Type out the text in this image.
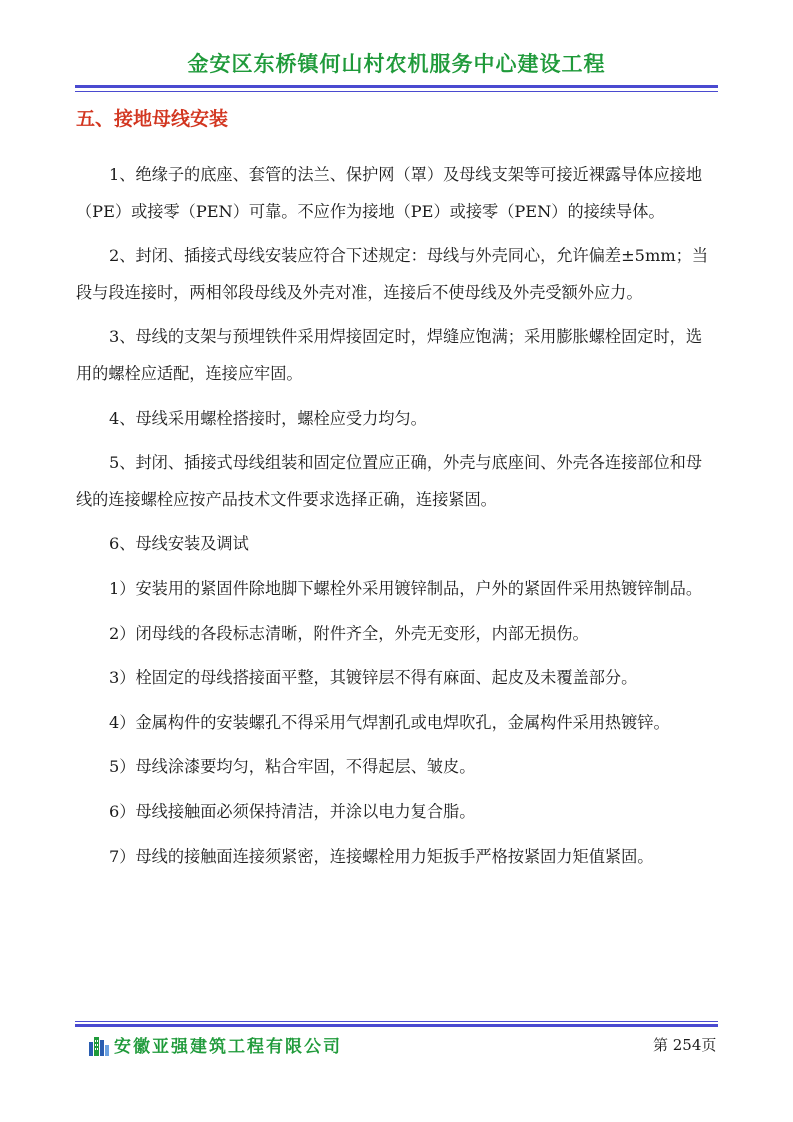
金安区东桥镇何山村农机服务中心建设工程
五、接地母线安装

1、绝缘子的底座、套管的法兰、保护网（罩）及母线支架等可接近裸露导体应接地（PE）或接零（PEN）可靠。不应作为接地（PE）或接零（PEN）的接续导体。

2、封闭、插接式母线安装应符合下述规定：母线与外壳同心，允许偏差±5mm；当段与段连接时，两相邻段母线及外壳对准，连接后不使母线及外壳受额外应力。

3、母线的支架与预埋铁件采用焊接固定时，焊缝应饱满；采用膨胀螺栓固定时，选用的螺栓应适配，连接应牢固。

4、母线采用螺栓搭接时，螺栓应受力均匀。

5、封闭、插接式母线组装和固定位置应正确，外壳与底座间、外壳各连接部位和母线的连接螺栓应按产品技术文件要求选择正确，连接紧固。

6、母线安装及调试

1）安装用的紧固件除地脚下螺栓外采用镀锌制品，户外的紧固件采用热镀锌制品。

2）闭母线的各段标志清晰，附件齐全，外壳无变形，内部无损伤。

3）栓固定的母线搭接面平整，其镀锌层不得有麻面、起皮及未覆盖部分。

4）金属构件的安装螺孔不得采用气焊割孔或电焊吹孔，金属构件采用热镀锌。

5）母线涂漆要均匀，粘合牢固，不得起层、皱皮。

6）母线接触面必须保持清洁，并涂以电力复合脂。

7）母线的接触面连接须紧密，连接螺栓用力矩扳手严格按紧固力矩值紧固。

安徽亚强建筑工程有限公司	第 254页
